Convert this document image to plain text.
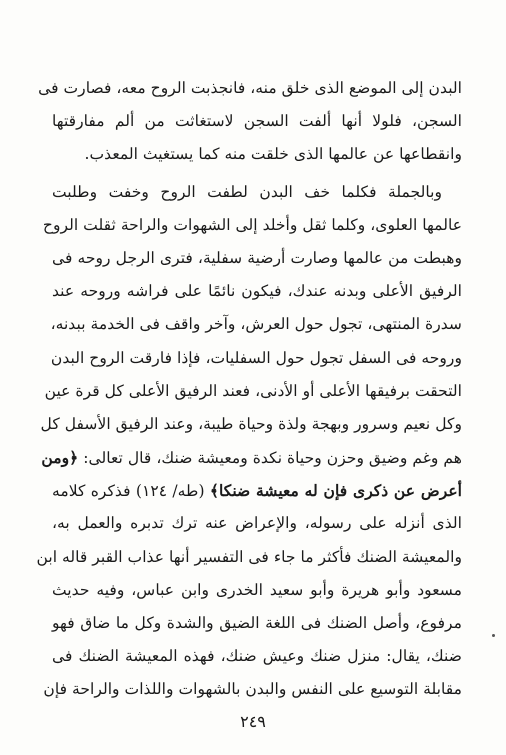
البدن إلى الموضع الذى خلق منه، فانجذبت الروح معه، فصارت فى
السجن، فلولا أنها ألفت السجن لاستغاثت من ألم مفارقتها
وانقطاعها عن عالمها الذى خلقت منه كما يستغيث المعذب.
وبالجملة فكلما خف البدن لطفت الروح وخفت وطلبت
عالمها العلوى، وكلما ثقل وأخلد إلى الشهوات والراحة ثقلت الروح
وهبطت من عالمها وصارت أرضية سفلية، فترى الرجل روحه فى
الرفيق الأعلى وبدنه عندك، فيكون نائمًا على فراشه وروحه عند
سدرة المنتهى، تجول حول العرش، وآخر واقف فى الخدمة ببدنه،
وروحه فى السفل تجول حول السفليات، فإذا فارقت الروح البدن
التحقت برفيقها الأعلى أو الأدنى، فعند الرفيق الأعلى كل قرة عين
وكل نعيم وسرور وبهجة ولذة وحياة طيبة، وعند الرفيق الأسفل كل
هم وغم وضيق وحزن وحياة نكدة ومعيشة ضنك، قال تعالى: ﴿ومن
أعرض عن ذكرى فإن له معيشة ضنكا﴾ (طه/ ١٢٤) فذكره كلامه
الذى أنزله على رسوله، والإعراض عنه ترك تدبره والعمل به،
والمعيشة الضنك فأكثر ما جاء فى التفسير أنها عذاب القبر قاله ابن
مسعود وأبو هريرة وأبو سعيد الخدرى وابن عباس، وفيه حديث
مرفوع، وأصل الضنك فى اللغة الضيق والشدة وكل ما ضاق فهو
ضنك، يقال: منزل ضنك وعيش ضنك، فهذه المعيشة الضنك فى
مقابلة التوسيع على النفس والبدن بالشهوات واللذات والراحة فإن
٢٤٩
